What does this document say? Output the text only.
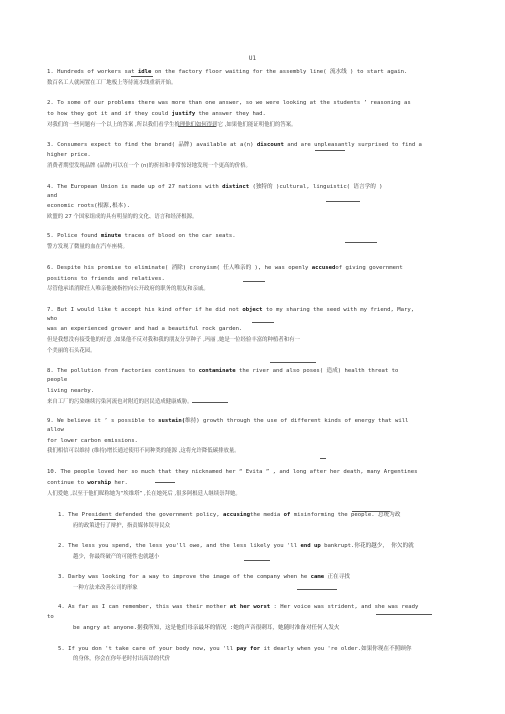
U1
1. Hundreds of workers sat idle on the factory floor waiting for the assembly line( 流水线 ) to start again.
数百名工人就闲置在工厂地板上等待流水线重新开始。
2. To some of our problems there was more than one answer, so we were looking at the students ’ reasoning as
to how they got it and if they could justify the answer they had.
对我们的一些问题有一个以上的答案 ,所以我们看学生推理他们如何得到它 ,如果他们能证明他们的答案。
3. Consumers expect to find the brand( 品牌) available at a(n) discount and are unpleasantly surprised to find a
higher price.
消费者期望发现品牌 (品牌)可以在一个 (n)的折扣和非常惊讶地发现一个更高的价格。
4. The European Union is made up of 27 nations with distinct (独特的 )cultural, linguistic( 语言学的 )
and
economic roots(根源,根本).
欧盟的 27 个国家组成的具有明显的的文化、语言和经济根源。
5. Police found minute traces of blood on the car seats.
警方发现了微量的血在汽车座椅。
6. Despite his promise to eliminate( 消除) cronyism( 任人唯亲的 ), he was openly accusedof giving government
positions to friends and relatives.
尽管他承诺消除任人唯亲他被指控向公开政府的职务的朋友和亲戚。
7. But I would like t accept his kind offer if he did not object to my sharing the seed with my friend, Mary,
who
was an experienced grower and had a beautiful rock garden.
但是我想没有接受他的好意 ,如果他不反对我和我的朋友分享种子 ,玛丽 ,她是一位经验丰富的种植者和有一
个美丽的石头花园。
8. The pollution from factories continues to contaminate the river and also poses( 造成) health threat to
people
living nearby.
来自工厂的污染继续污染河流也对附近的居民造成健康威胁。
9. We believe it ’ s possible to sustain(维持) growth through the use of different kinds of energy that will
allow
for lower carbon emissions.
我们相信可以维持 (维持)增长通过使用不同种类的能源 ,这将允许降低碳排放量。
10. The people loved her so much that they nicknamed her “ Evita ” , and long after her death, many Argentines
continue to worship her.
人们爱她 ,以至于他们昵称她为“埃维塔” ,长在她死后 ,很多阿根廷人继续崇拜她。
1. The President defended the government policy, accusingthe media of misinforming the people. 总统为政
府的政策进行了辩护，指责媒体误导民众
2. The less you spend, the less you'll owe, and the less likely you 'll end up bankrupt.你花的越少， 你欠的就
越少，你最终破产的可能性也就越小
3. Darby was looking for a way to improve the image of the company when he came 正在寻找
一种方法来改善公司的形象
4. As far as I can remember, this was their mother at her worst : Her voice was strident, and she was ready
to
be angry at anyone.据我所知，这是他们母亲最坏的情况 :她的声音很刺耳，她随时准备对任何人发火
5. If you don 't take care of your body now, you 'll pay for it dearly when you 're older.如果你现在不照顾你
的身体，你会在你年老时付出高昂的代价
